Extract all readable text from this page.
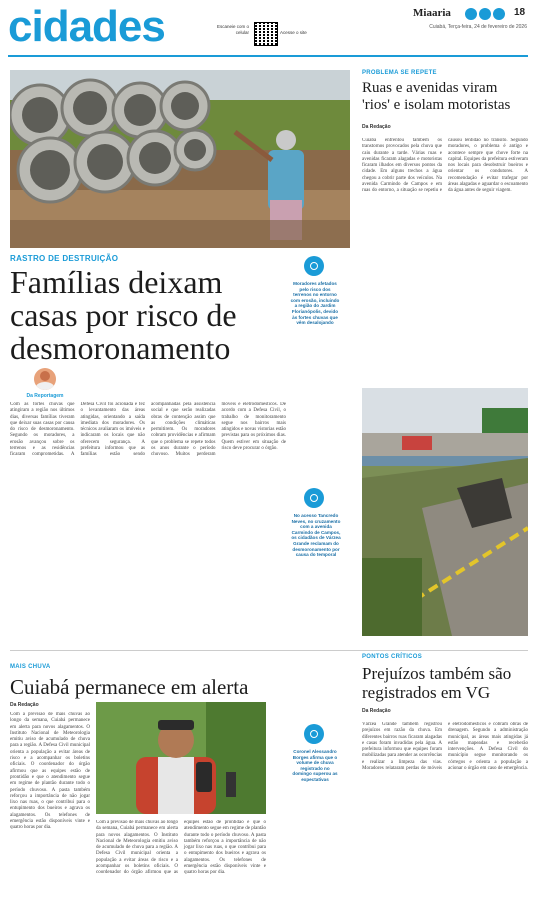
cidades	Escaneie com o celular	Acesse o site
Miaaria	18
Cuiabá, Terça-feira, 24 de fevereiro de 2026
PROBLEMA SE REPETE
Ruas e avenidas viram
'rios' e isolam motoristas
Da Redação
Cuiabá enfrentou também os transtornos provocados pela chuva que caiu durante a tarde. Várias ruas e avenidas ficaram alagadas e motoristas ficaram ilhados em diversos pontos da cidade. Em alguns trechos a água chegou a cobrir parte dos veículos. Na avenida Carmindo de Campos e em ruas do entorno, a situação se repetiu e causou lentidão no trânsito. Segundo moradores, o problema é antigo e acontece sempre que chove forte na capital. Equipes da prefeitura estiveram nos locais para desobstruir bueiros e orientar os condutores. A recomendação é evitar trafegar por áreas alagadas e aguardar o escoamento da água antes de seguir viagem.
RASTRO DE DESTRUIÇÃO
Famílias deixam
casas por risco de
desmoronamento
Moradores afetados pelo risco dos terrenos no entorno com erosão, incluindo a região do Jardim Florianópolis, devido às fortes chuvas que vêm desalojando
Da Reportagem
Com as fortes chuvas que atingiram a região nos últimos dias, diversas famílias tiveram que deixar suas casas por causa do risco de desmoronamento. Segundo os moradores, a erosão avançou sobre os terrenos e as residências ficaram comprometidas. A Defesa Civil foi acionada e fez o levantamento das áreas atingidas, orientando a saída imediata dos moradores. Os técnicos avaliaram os imóveis e indicaram os locais que não oferecem segurança. A prefeitura informou que as famílias estão sendo acompanhadas pela assistência social e que serão realizadas obras de contenção assim que as condições climáticas permitirem. Os moradores cobram providências e afirmam que o problema se repete todos os anos durante o período chuvoso. Muitos perderam móveis e eletrodomésticos. De acordo com a Defesa Civil, o trabalho de monitoramento segue nos bairros mais atingidos e novas vistorias estão previstas para os próximos dias. Quem estiver em situação de risco deve procurar o órgão.
No acesso Tancredo Neves, no cruzamento com a avenida Carmindo de Campos, os cidadãos de Várzea Grande reclamam do desmoronamento por causa do temporal
MAIS CHUVA
Cuiabá permanece em alerta
Da Redação
Com a previsão de mais chuvas ao longo da semana, Cuiabá permanece em alerta para novos alagamentos. O Instituto Nacional de Meteorologia emitiu aviso de acumulado de chuva para a região. A Defesa Civil municipal orienta a população a evitar áreas de risco e a acompanhar os boletins oficiais. O coordenador do órgão afirmou que as equipes estão de prontidão e que o atendimento segue em regime de plantão durante todo o período chuvoso. A pasta também reforçou a importância de não jogar lixo nas ruas, o que contribui para o entupimento dos bueiros e agrava os alagamentos. Os telefones de emergência estão disponíveis vinte e quatro horas por dia.
Com a previsão de mais chuvas ao longo da semana, Cuiabá permanece em alerta para novos alagamentos. O Instituto Nacional de Meteorologia emitiu aviso de acumulado de chuva para a região. A Defesa Civil municipal orienta a população a evitar áreas de risco e a acompanhar os boletins oficiais. O coordenador do órgão afirmou que as equipes estão de prontidão e que o atendimento segue em regime de plantão durante todo o período chuvoso. A pasta também reforçou a importância de não jogar lixo nas ruas, o que contribui para o entupimento dos bueiros e agrava os alagamentos. Os telefones de emergência estão disponíveis vinte e quatro horas por dia.
Coronel Alessandro Borges afirma que o volume de chuva registrado no domingo superou as expectativas
PONTOS CRÍTICOS
Prejuízos também são
registrados em VG
Da Redação
Várzea Grande também registrou prejuízos em razão da chuva. Em diferentes bairros ruas ficaram alagadas e casas foram invadidas pela água. A prefeitura informou que equipes foram mobilizadas para atender as ocorrências e realizar a limpeza das vias. Moradores relataram perdas de móveis e eletrodomésticos e cobram obras de drenagem. Segundo a administração municipal, as áreas mais atingidas já estão mapeadas e receberão intervenções. A Defesa Civil do município segue monitorando os córregos e orienta a população a acionar o órgão em caso de emergência.
